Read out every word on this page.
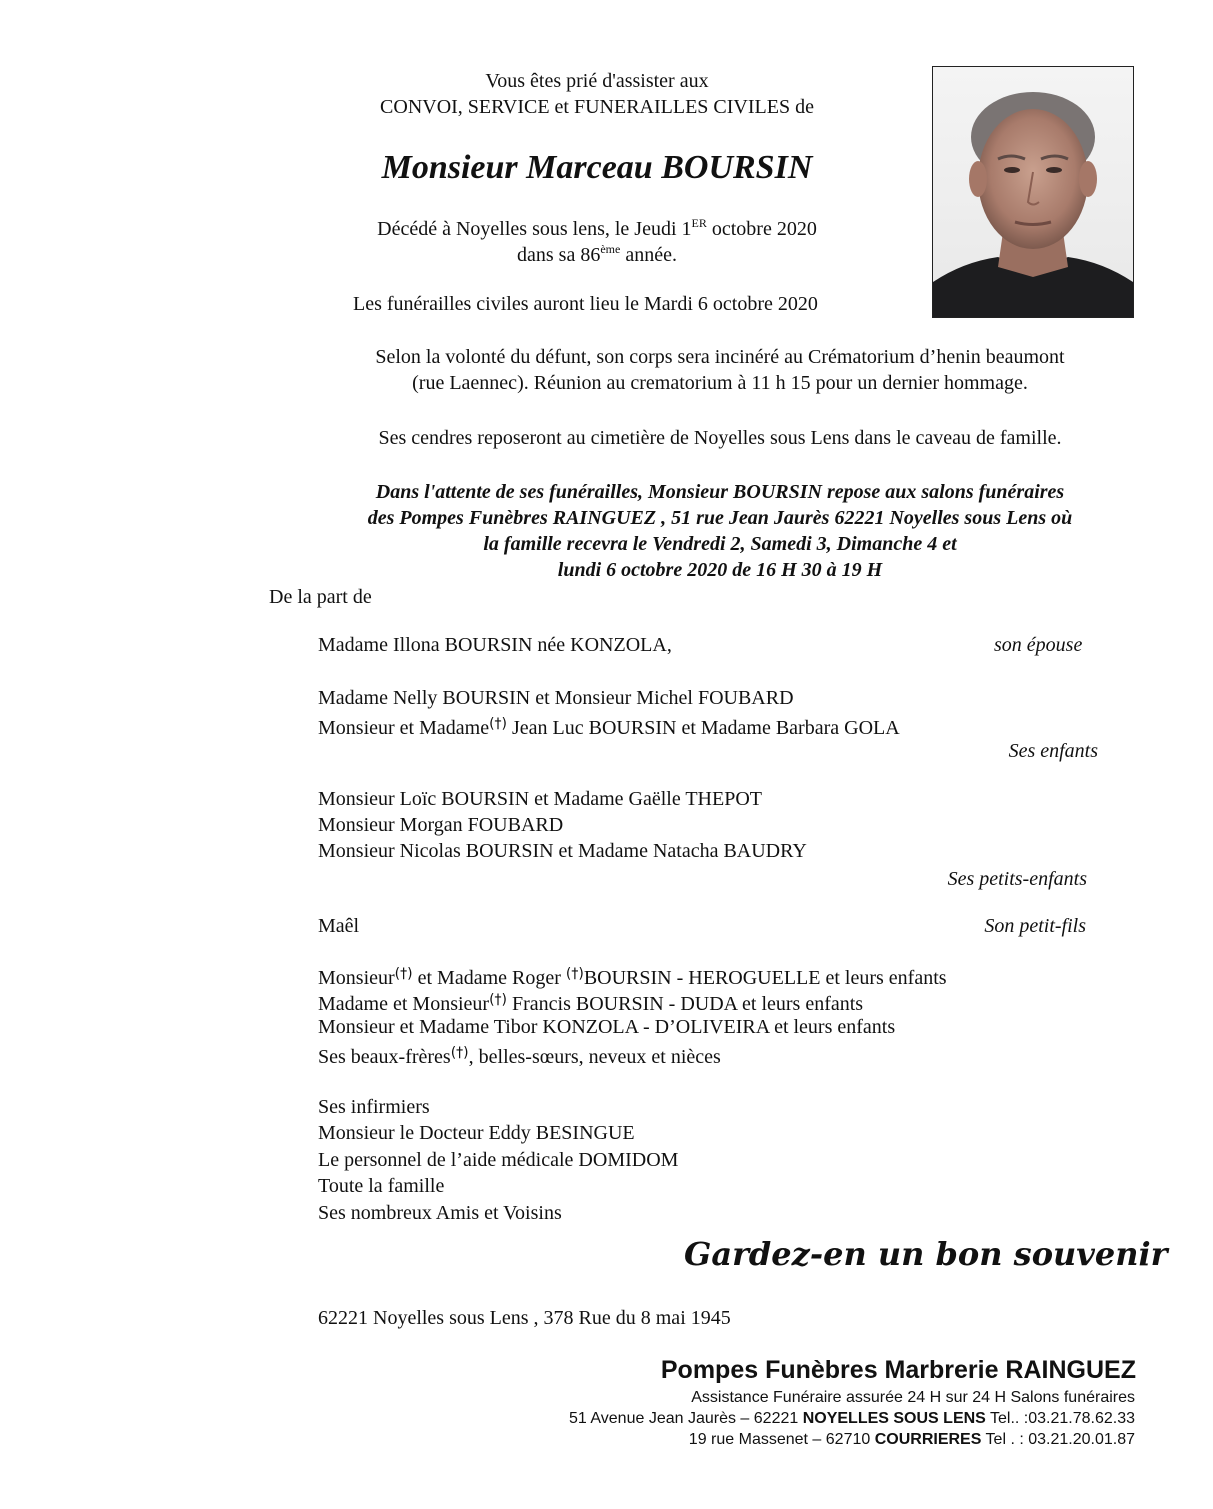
Vous êtes prié d'assister aux
CONVOI, SERVICE et FUNERAILLES CIVILES de
Monsieur Marceau BOURSIN
Décédé à Noyelles sous lens, le Jeudi 1ER octobre 2020
dans sa 86ème année.
Les funérailles civiles auront lieu le Mardi 6 octobre 2020
Selon la volonté du défunt, son corps sera incinéré au Crématorium d’henin beaumont
(rue Laennec). Réunion au crematorium à 11 h 15 pour un dernier hommage.
Ses cendres reposeront au cimetière de Noyelles sous Lens dans le caveau de famille.
Dans l'attente de ses funérailles, Monsieur BOURSIN repose aux salons funéraires
des Pompes Funèbres RAINGUEZ , 51 rue Jean Jaurès 62221 Noyelles sous Lens où
la famille recevra le Vendredi 2, Samedi 3, Dimanche 4 et
lundi 6 octobre 2020 de 16 H 30 à 19 H
De la part de
Madame Illona BOURSIN née KONZOLA,	son épouse
Madame Nelly BOURSIN et Monsieur Michel FOUBARD
Monsieur et Madame(†) Jean Luc BOURSIN et Madame Barbara GOLA
Ses enfants
Monsieur Loïc BOURSIN et Madame Gaëlle THEPOT
Monsieur Morgan FOUBARD
Monsieur Nicolas BOURSIN et Madame Natacha BAUDRY
Ses petits-enfants
Maêl	Son petit-fils
Monsieur(†) et Madame Roger (†)BOURSIN - HEROGUELLE et leurs enfants
Madame et Monsieur(†) Francis BOURSIN - DUDA et leurs enfants
Monsieur et Madame Tibor KONZOLA - D’OLIVEIRA et leurs enfants
Ses beaux-frères(†), belles-sœurs, neveux et nièces
Ses infirmiers
Monsieur le Docteur Eddy BESINGUE
Le personnel de l’aide médicale DOMIDOM
Toute la famille
Ses nombreux Amis et Voisins
Gardez-en un bon souvenir
62221 Noyelles sous Lens , 378 Rue du 8 mai 1945
Pompes Funèbres Marbrerie RAINGUEZ
Assistance Funéraire assurée 24 H sur 24 H Salons funéraires
51 Avenue Jean Jaurès – 62221 NOYELLES SOUS LENS Tel.. :03.21.78.62.33
19 rue Massenet – 62710 COURRIERES Tel . : 03.21.20.01.87
